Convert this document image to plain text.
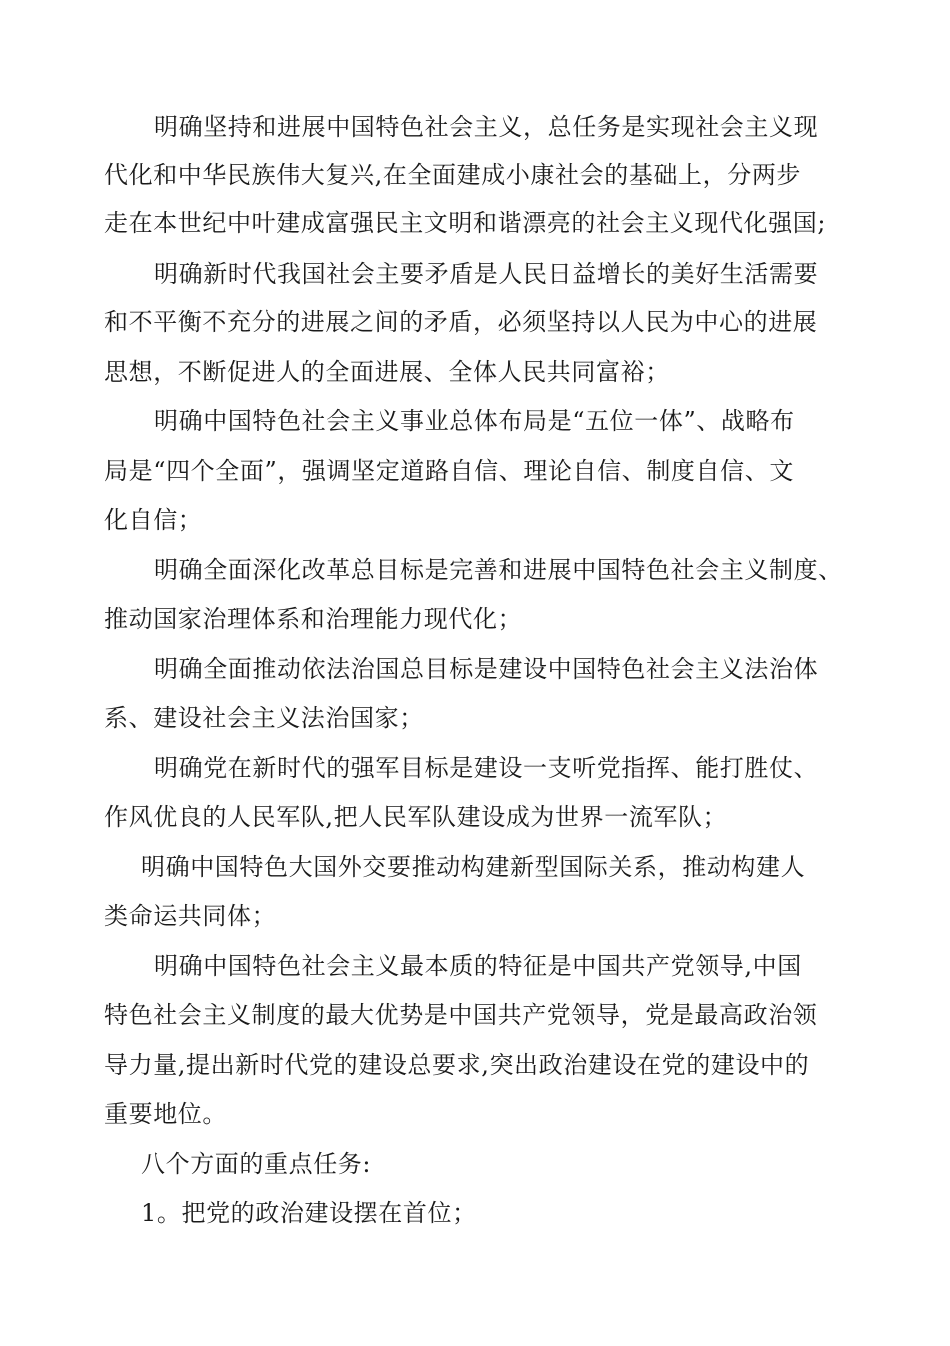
明确坚持和进展中国特色社会主义，总任务是实现社会主义现
代化和中华民族伟大复兴,在全面建成小康社会的基础上，分两步
走在本世纪中叶建成富强民主文明和谐漂亮的社会主义现代化强国;
明确新时代我国社会主要矛盾是人民日益增长的美好生活需要
和不平衡不充分的进展之间的矛盾，必须坚持以人民为中心的进展
思想，不断促进人的全面进展、全体人民共同富裕；
明确中国特色社会主义事业总体布局是“五位一体”、战略布
局是“四个全面”，强调坚定道路自信、理论自信、制度自信、文
化自信；
明确全面深化改革总目标是完善和进展中国特色社会主义制度、
推动国家治理体系和治理能力现代化；
明确全面推动依法治国总目标是建设中国特色社会主义法治体
系、建设社会主义法治国家；
明确党在新时代的强军目标是建设一支听党指挥、能打胜仗、
作风优良的人民军队,把人民军队建设成为世界一流军队；
明确中国特色大国外交要推动构建新型国际关系，推动构建人
类命运共同体；
明确中国特色社会主义最本质的特征是中国共产党领导,中国
特色社会主义制度的最大优势是中国共产党领导，党是最高政治领
导力量,提出新时代党的建设总要求,突出政治建设在党的建设中的
重要地位。
八个方面的重点任务:
1。把党的政治建设摆在首位；
